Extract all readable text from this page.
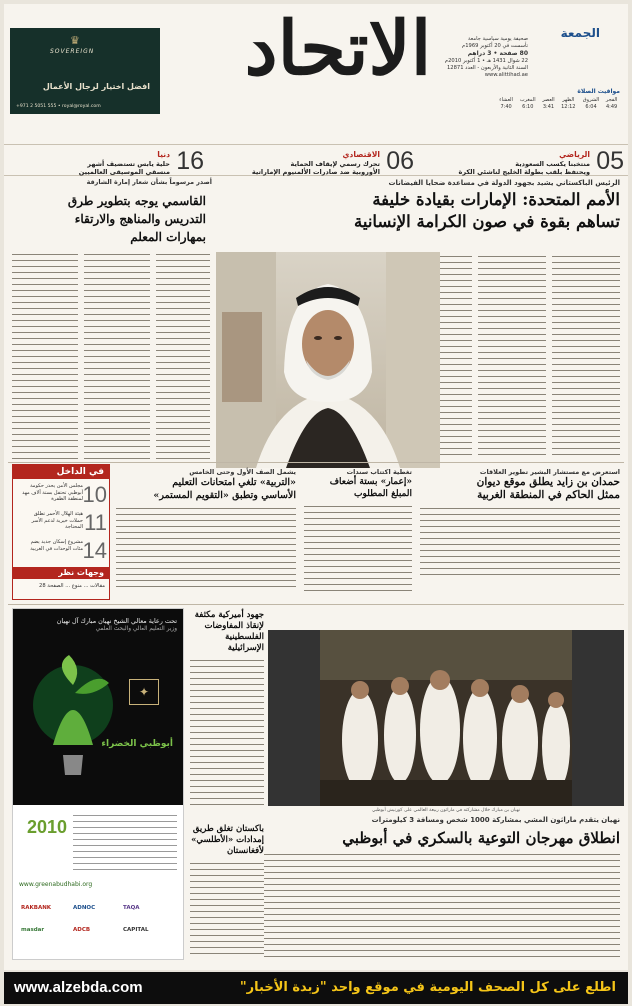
الاتحاد	الجمعة
صحيفة يومية سياسية جامعة
تأسست في 20 أكتوبر 1969م
80 صفحة • 3 دراهم
22 شوال 1431 هـ • 1 أكتوبر 2010م
السنة الثانية والأربعون - العدد 12871
www.alittihad.ae
مواقيت الصلاة
الفجر	الشروق	الظهر	العصر	المغرب	العشاء
4:49	6:04	12:12	3:41	6:10	7:40
SOVEREIGN
♛
افضل اختيار لرجال الأعمال
+971 2 5051 555 • royal@royal.com
05
الرياضي
منتخبنا يكسب السعودية
ويحتفظ بلقب بطولة الخليج لناشئي الكرة
06
الاقتصادي
تحرك رسمي لإيقاف الحماية
الأوروبية ضد صادرات الألمنيوم الإماراتية
16
دنيا
حلية يابس تستضيف أشهر
منسقي الموسيقى العالميين
الرئيس الباكستاني يشيد بجهود الدولة في مساعدة ضحايا الفيضانات
الأمم المتحدة: الإمارات بقيادة خليفة
تساهم بقوة في صون الكرامة الإنسانية
أصدر مرسوماً بشأن شعار إمارة الشارقة
القاسمي يوجه بتطوير طرق
التدريس والمناهج والارتقاء
بمهارات المعلم
استعرض مع مستشار البشير تطوير العلاقات
حمدان بن زايد يطلق موقع ديوان
ممثل الحاكم في المنطقة الغربية
تغطية اكتتاب سندات
«إعمار» بستة أضعاف
المبلغ المطلوب
يشمل الصف الأول وحتى الخامس
«التربية» تلغي امتحانات التعليم
الأساسي وتطبق «التقويم المستمر»
في الداخل
10
مجلس الأمن يحذر حكومة أبوظبي تحتفل بستة آلاف مهد لمنطقة الظفرة
11
هيئة الهلال الأحمر تطلق حملات خيرية لدعم الأسر المحتاجة
14
مشروع إسكان جديد يضم مئات الوحدات في الغربية
وجهات نظر
مقالات ... منوع ... الصفحة 28
تحت رعاية معالي الشيخ نهيان مبارك آل نهيان
وزير التعليم العالي والبحث العلمي
أبوظبي الخضراء
✦
2010
www.greenabudhabi.org
RAKBANK	ADNOC	TAQA
masdar	ADCB	CAPITAL
نهيان بن مبارك خلال مشاركته في ماراثون ربيعة العالمي على كورنيش أبوظبي
نهيان يتقدم ماراثون المشي بمشاركة 1000 شخص ومسافة 3 كيلومترات
انطلاق مهرجان التوعية بالسكري في أبوظبي
جهود أميركية مكثفة
لإنقاذ المفاوضات
الفلسطينية الإسرائيلية
باكستان تغلق طريق
إمدادات «الأطلسي»
لأفغانستان
www.alzebda.com	اطلع على كل الصحف اليومية في موقع واحد "زبدة الأخبار"
